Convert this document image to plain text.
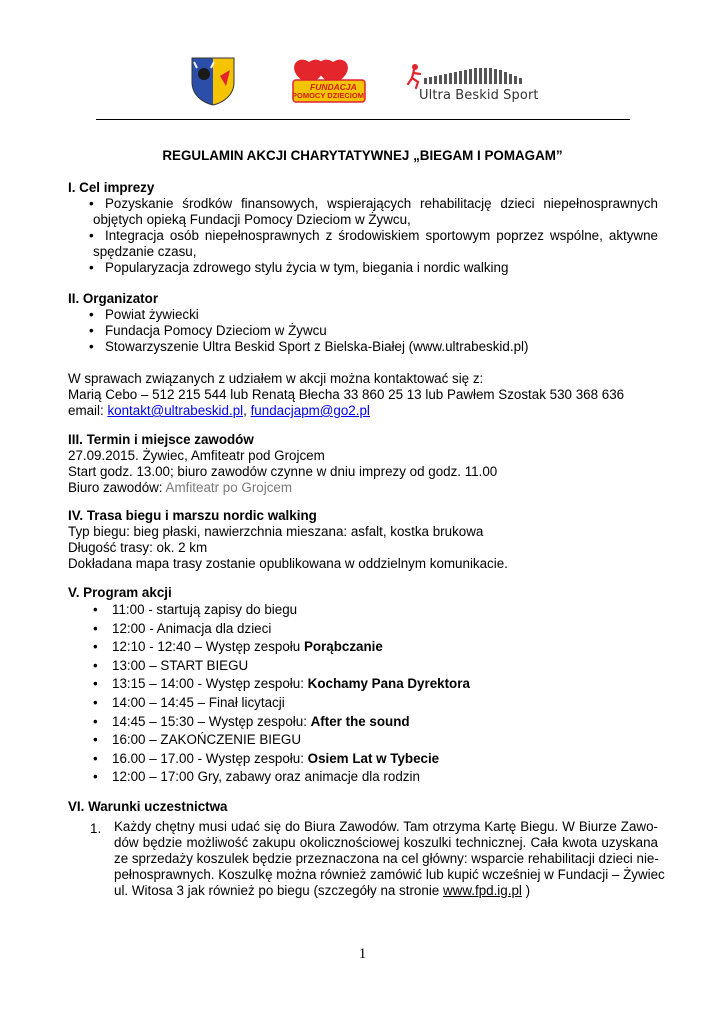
FUNDACJA
POMOCY DZIECIOM	Ultra Beskid Sport
REGULAMIN AKCJI CHARYTATYWNEJ „BIEGAM I POMAGAM”
I. Cel imprezy
• Pozyskanie środków finansowych, wspierających rehabilitację dzieci niepełnosprawnych
objętych opieką Fundacji Pomocy Dzieciom w Żywcu,
• Integracja osób niepełnosprawnych z środowiskiem sportowym poprzez wspólne, aktywne
spędzanie czasu,
• Popularyzacja zdrowego stylu życia w tym, biegania i nordic walking
II. Organizator
• Powiat żywiecki
• Fundacja Pomocy Dzieciom w Żywcu
• Stowarzyszenie Ultra Beskid Sport z Bielska-Białej (www.ultrabeskid.pl)
W sprawach związanych z udziałem w akcji można kontaktować się z:
Marią Cebo – 512 215 544 lub Renatą Błecha 33 860 25 13 lub Pawłem Szostak 530 368 636
email: kontakt@ultrabeskid.pl, fundacjapm@go2.pl
III. Termin i miejsce zawodów
27.09.2015. Żywiec, Amfiteatr pod Grojcem
Start godz. 13.00; biuro zawodów czynne w dniu imprezy od godz. 11.00
Biuro zawodów: Amfiteatr po Grojcem
IV. Trasa biegu i marszu nordic walking
Typ biegu: bieg płaski, nawierzchnia mieszana: asfalt, kostka brukowa
Długość trasy: ok. 2 km
Dokładana mapa trasy zostanie opublikowana w oddzielnym komunikacie.
V. Program akcji
• 11:00 - startują zapisy do biegu
• 12:00 - Animacja dla dzieci
• 12:10 - 12:40 – Występ zespołu Porąbczanie
• 13:00 – START BIEGU
• 13:15 – 14:00 - Występ zespołu: Kochamy Pana Dyrektora
• 14:00 – 14:45 – Finał licytacji
• 14:45 – 15:30 – Występ zespołu: After the sound
• 16:00 – ZAKOŃCZENIE BIEGU
• 16.00 – 17.00 - Występ zespołu: Osiem Lat w Tybecie
• 12:00 – 17:00 Gry, zabawy oraz animacje dla rodzin
VI. Warunki uczestnictwa
1. Każdy chętny musi udać się do Biura Zawodów. Tam otrzyma Kartę Biegu. W Biurze Zawo-
dów będzie możliwość zakupu okolicznościowej koszulki technicznej. Cała kwota uzyskana
ze sprzedaży koszulek będzie przeznaczona na cel główny: wsparcie rehabilitacji dzieci nie-
pełnosprawnych. Koszulkę można również zamówić lub kupić wcześniej w Fundacji – Żywiec
ul. Witosa 3 jak również po biegu (szczegóły na stronie www.fpd.ig.pl )
1
